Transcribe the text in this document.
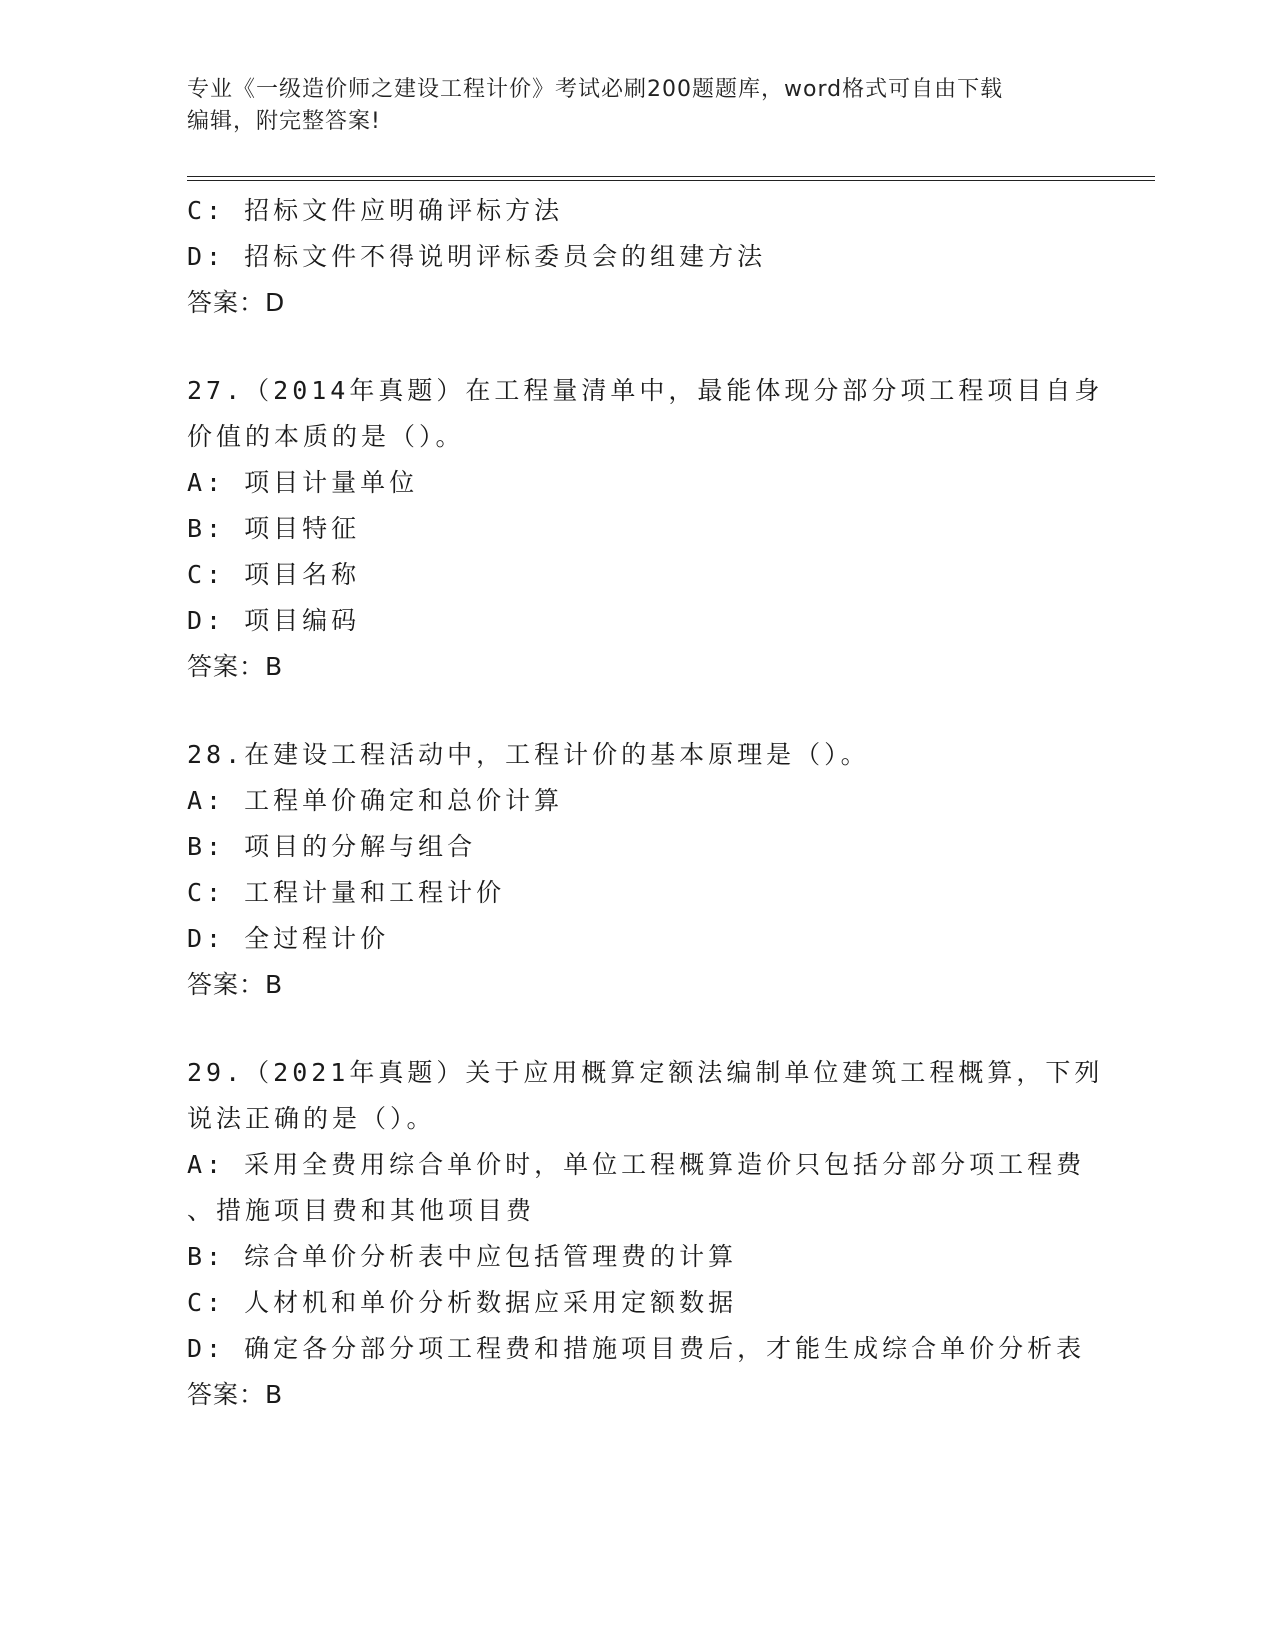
专业《一级造价师之建设工程计价》考试必刷200题题库，word格式可自由下载
编辑，附完整答案!
C: 招标文件应明确评标方法
D: 招标文件不得说明评标委员会的组建方法
答案：D
27.（2014年真题）在工程量清单中，最能体现分部分项工程项目自身
价值的本质的是（）。
A: 项目计量单位
B: 项目特征
C: 项目名称
D: 项目编码
答案：B
28.在建设工程活动中，工程计价的基本原理是（）。
A: 工程单价确定和总价计算
B: 项目的分解与组合
C: 工程计量和工程计价
D: 全过程计价
答案：B
29.（2021年真题）关于应用概算定额法编制单位建筑工程概算，下列
说法正确的是（）。
A: 采用全费用综合单价时，单位工程概算造价只包括分部分项工程费
、措施项目费和其他项目费
B: 综合单价分析表中应包括管理费的计算
C: 人材机和单价分析数据应采用定额数据
D: 确定各分部分项工程费和措施项目费后，才能生成综合单价分析表
答案：B
